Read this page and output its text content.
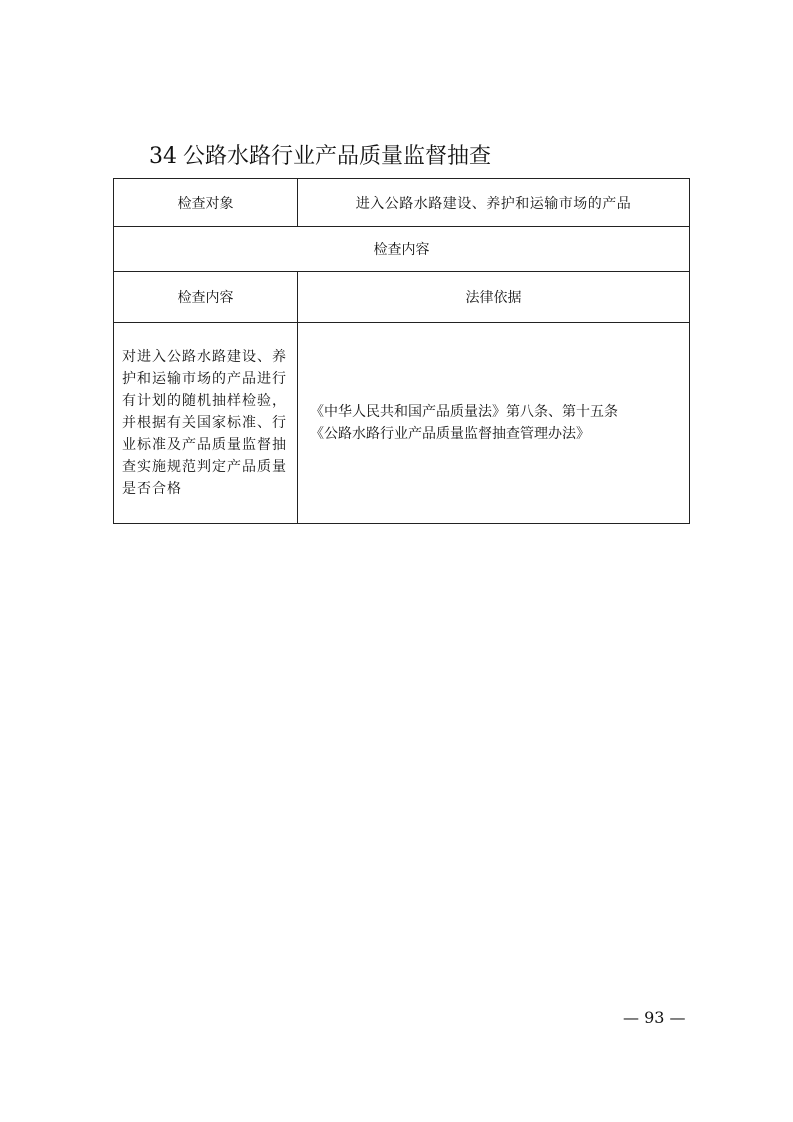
34 公路水路行业产品质量监督抽查
检查对象	进入公路水路建设、养护和运输市场的产品
检查内容	
检查内容	法律依据
对进入公路水路建设、养护和运输市场的产品进行有计划的随机抽样检验，并根据有关国家标准、行业标准及产品质量监督抽查实施规范判定产品质量是否合格	《中华人民共和国产品质量法》第八条、第十五条
《公路水路行业产品质量监督抽查管理办法》
— 93 —
